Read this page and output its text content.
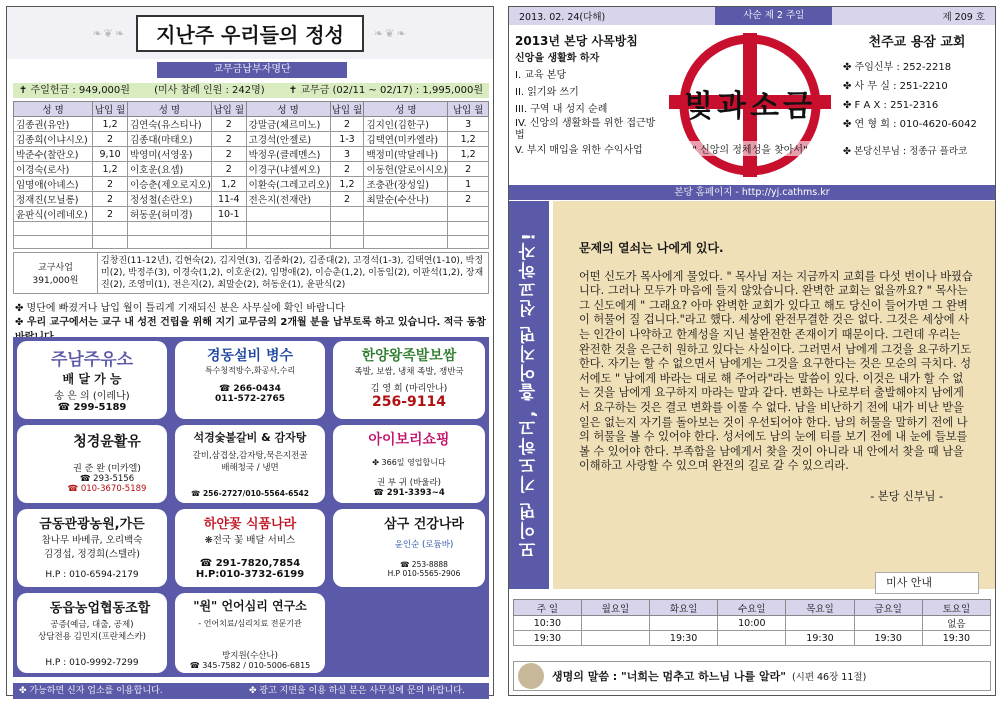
❧❦❧	지난주 우리들의 정성	❧❦❧
교무금납부자명단
✝ 주일헌금 : 949,000원 (미사 참례 인원 : 242명) ✝ 교무금 (02/11 ~ 02/17) : 1,995,000원
성 명	납입 월	성 명	납입 월	성 명	납입 월	성 명	납입 월
김종권(유안)	1,2	김연숙(유스티나)	2	강말금(체르미노)	2	김지인(김한구)	3
김종희(이냐시오)	2	김종대(마태오)	2	고경석(안젤로)	1-3	김택연(미카엘라)	1,2
박준수(찰란오)	9,10	박영미(서영웅)	2	박정우(클레멘스)	3	백정미(막달레나)	1,2
이경숙(로사)	1,2	이호운(요셉)	2	이경구(냐셀씨오)	2	이동헌(알로이시오)	2
임명애(아녜스)	2	이승춘(제오로지오)	1,2	이환숙(그레고리오)	1,2	조충관(장성일)	1
정재진(모닐롱)	2	정성철(손란오)	11-4	전은지(전재란)	2	최말순(수산나)	2
윤판식(이레네오)	2	허동운(허미경)	10-1				

교구사업
391,000원
김창진(11-12년), 김현숙(2), 김지연(3), 김종화(2), 김종대(2), 고경석(1-3), 김택연(1-10), 박정미(2), 박정주(3), 이경숙(1,2), 이호운(2), 임명애(2), 이승춘(1,2), 이동임(2), 이판석(1,2), 장재진(2), 조영미(1), 전은지(2), 최말순(2), 허동운(1), 윤판식(2)
✤ 명단에 빠졌거나 납입 월이 틀리게 기재되신 분은 사무실에 확인 바랍니다
✤ 우리 교구에서는 교구 내 성전 건립을 위해 지기 교무금의 2개월 분을 납부토록 하고 있습니다. 적극 동참
주남주유소
배 달 가 능
송 은 의 (이레나)
☎ 299-5189
경동설비 병수
특수청적방수,화공사,수리
☎ 266-0434
011-572-2765
한양왕족발보쌈
족발, 보쌈, 냉채 족발, 쟁반국
김 영 희 (마리안나)
256-9114
청경윤활유
권 준 완 (미카엘)
☎ 293-5156
☎ 010-3670-5189
석경숯불갈비 & 감자탕
갈비,삼겹살,감자탕,묵은지전골
배해청국 / 냉면
☎ 256-2727/010-5564-6542
아이보리쇼핑
✤ 366일 영업합니다
권 부 귀 (바울라)
☎ 291-3393~4
금동관광농원,가든
참나무 바베큐, 오리백숙
김경섭, 정경희(스텔라)
H.P : 010-6594-2179
하얀꽃 식품나라
❋전국 꽃 배달 서비스
☎ 291-7820,7854
H.P:010-3732-6199
삼구 건강나라
윤인순 (로듐바)
☎ 253-8888
H.P 010-5565-2906
동읍농업협동조합
공증(예금, 대출, 공제)
상담전용 김민지(프란체스카)
H.P : 010-9992-7299
"원" 언어심리 연구소
- 언어치료/심리치료 전문기관
방지원(수산나)
☎ 345-7582 / 010-5006-6815
✤ 가능하면 신자 업소를 이용합니다.	✤ 광고 지면을 이용 하실 분은 사무실에 문의 바랍니다.
2013. 02. 24(다해)	사순 제 2 주일	제 209 호
2013년 본당 사목방침
신앙을 생활화 하자
I. 교육 본당
II. 읽기와 쓰기
III. 구역 내 성지 순례
IV. 신앙의 생활화를 위한 접근방법
V. 부지 매입을 위한 수익사업
빛과소금
" 신앙의 정체성을 찾아서"
천주교 용잠 교회
✤ 주임신부 : 252-2218
✤ 사 무 실 : 251-2210
✤ F A X : 251-2316
✤ 연 형 회 : 010-4620-6042
✤ 본당신부님 : 정종규 플라코
본당 홈페이지 - http://yj.cathms.kr
모이면 기도하고, 흩어지면 선교하자!	문제의 열쇠는 나에게 있다.
어떤 신도가 목사에게 물었다. " 목사님 저는 지금까지 교회를 다섯 번이나 바꿨습니다. 그러나 모두가 마음에 들지 않았습니다. 완벽한 교회는 없을까요? " 목사는 그 신도에게 " 그래요? 아마 완벽한 교회가 있다고 해도 당신이 들어가면 그 완벽이 허물어 질 겁니다."라고 했다. 세상에 완전무결한 것은 없다. 그것은 세상에 사는 인간이 나약하고 한계성을 지닌 불완전한 존재이기 때문이다. 그런데 우리는 완전한 것을 은근히 원하고 있다는 사실이다. 그러면서 남에게 그것을 요구하기도 한다. 자기는 할 수 없으면서 남에게는 그것을 요구한다는 것은 모순의 극치다. 성서에도 " 남에게 바라는 대로 해 주어라"라는 말씀이 있다. 이것은 내가 할 수 없는 것을 남에게 요구하지 마라는 말과 같다. 변화는 나로부터 출발해야지 남에게서 요구하는 것은 결코 변화를 이룰 수 없다. 남을 비난하기 전에 내가 비난 받을 일은 없는지 자기를 돌아보는 것이 우선되어야 한다. 남의 허물을 말하기 전에 나의 허물을 볼 수 있어야 한다. 성서에도 남의 눈에 티를 보기 전에 내 눈에 들보를 볼 수 있어야 한다. 부족함을 남에게서 찾을 것이 아니라 내 안에서 찾을 때 남을 이해하고 사랑할 수 있으며 완전의 길로 갈 수 있으리라.
- 본당 신부님 -
미사 안내
주 일	월요일	화요일	수요일	목요일	금요일	토요일
10:30			10:00			없음
19:30		19:30		19:30	19:30	19:30
생명의 말씀 : "너희는 멈추고 하느님 나를 알라" (시편 46장 11절)
